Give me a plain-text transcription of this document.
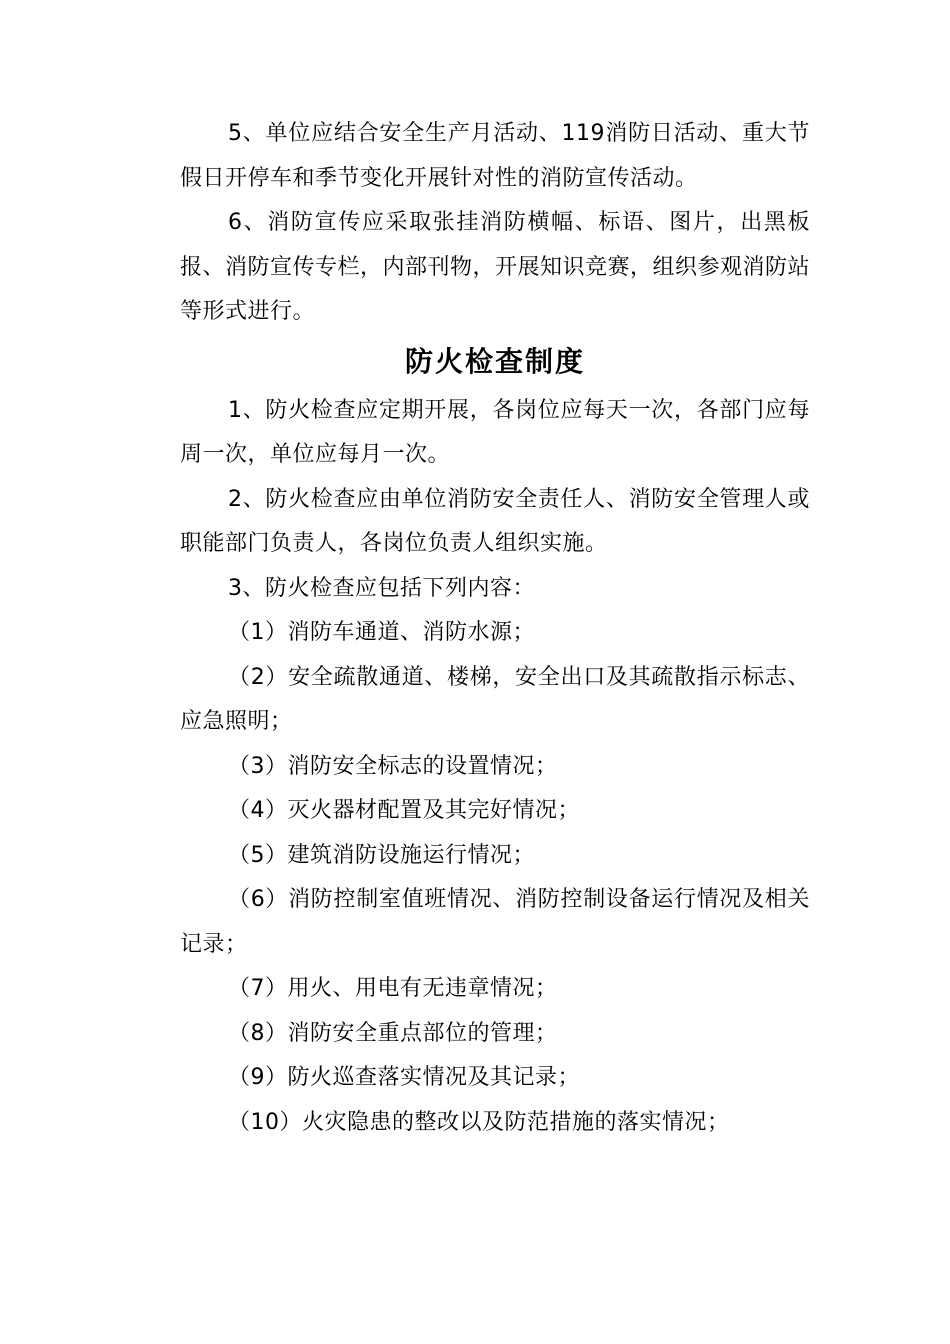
5、单位应结合安全生产月活动、119消防日活动、重大节假日开停车和季节变化开展针对性的消防宣传活动。

6、消防宣传应采取张挂消防横幅、标语、图片，出黑板报、消防宣传专栏，内部刊物，开展知识竞赛，组织参观消防站等形式进行。

防火检查制度

1、防火检查应定期开展，各岗位应每天一次，各部门应每周一次，单位应每月一次。

2、防火检查应由单位消防安全责任人、消防安全管理人或职能部门负责人，各岗位负责人组织实施。

3、防火检查应包括下列内容：

（1）消防车通道、消防水源；

（2）安全疏散通道、楼梯，安全出口及其疏散指示标志、应急照明；

（3）消防安全标志的设置情况；

（4）灭火器材配置及其完好情况；

（5）建筑消防设施运行情况；

（6）消防控制室值班情况、消防控制设备运行情况及相关记录；

（7）用火、用电有无违章情况；

（8）消防安全重点部位的管理；

（9）防火巡查落实情况及其记录；

（10）火灾隐患的整改以及防范措施的落实情况；
